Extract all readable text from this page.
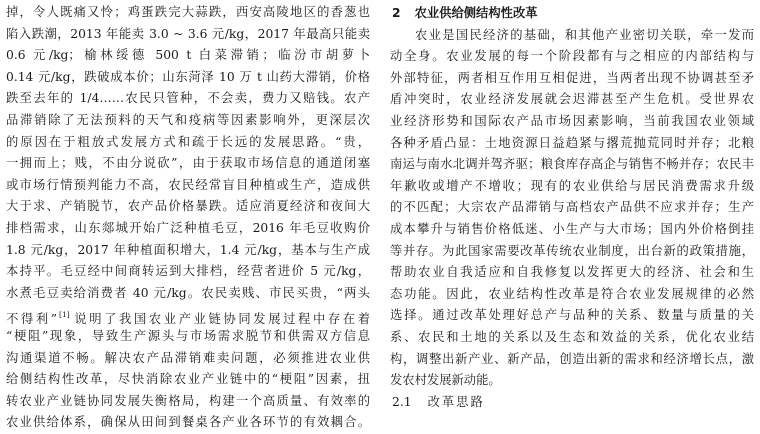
掉，令人既痛又怜；鸡蛋跌完大蒜跌，西安高陵地区的香葱也
陷入跌潮，2013 年能卖 3.0 ~ 3.6 元/kg，2017 年最高只能卖
0.6 元/kg；榆林绥德 500 t 白菜滞销；临汾市胡萝卜
0.14 元/kg，跌破成本价；山东菏泽 10 万 t 山药大滞销，价格
跌至去年的 1/4……农民只管种，不会卖，费力又赔钱。农产
品滞销除了无法预料的天气和疫病等因素影响外，更深层次
的原因在于粗放式发展方式和疏于长远的发展思路。“贵，
一拥而上；贱，不由分说砍”，由于获取市场信息的通道闭塞
或市场行情预判能力不高，农民经常盲目种植或生产，造成供
大于求、产销脱节，农产品价格暴跌。适应消夏经济和夜间大
排档需求，山东郯城开始广泛种植毛豆，2016 年毛豆收购价
1.8 元/kg，2017 年种植面积增大，1.4 元/kg，基本与生产成
本持平。毛豆经中间商转运到大排档，经营者进价 5 元/kg，
水煮毛豆卖给消费者 40 元/kg。农民卖贱、市民买贵，“两头
不得利” [1] 说明了我国农业产业链协同发展过程中存在着
“梗阻”现象，导致生产源头与市场需求脱节和供需双方信息
沟通渠道不畅。解决农产品滞销难卖问题，必须推进农业供
给侧结构性改革，尽快消除农业产业链中的“梗阻”因素，扭
转农业产业链协同发展失衡格局，构建一个高质量、有效率的
农业供给体系，确保从田间到餐桌各产业各环节的有效耦合。
2 农业供给侧结构性改革
农业是国民经济的基础，和其他产业密切关联，牵一发而
动全身。农业发展的每一个阶段都有与之相应的内部结构与
外部特征，两者相互作用互相促进，当两者出现不协调甚至矛
盾冲突时，农业经济发展就会迟滞甚至产生危机。受世界农
业经济形势和国际农产品市场因素影响，当前我国农业领域
各种矛盾凸显：土地资源日益趋紧与撂荒抛荒同时并存；北粮
南运与南水北调并驾齐驱；粮食库存高企与销售不畅并存；农民丰
年歉收或增产不增收；现有的农业供给与居民消费需求升级
的不匹配；大宗农产品滞销与高档农产品供不应求并存；生产
成本攀升与销售价格低迷、小生产与大市场；国内外价格倒挂
等并存。为此国家需要改革传统农业制度，出台新的政策措施，
帮助农业自我适应和自我修复以发挥更大的经济、社会和生
态功能。因此，农业结构性改革是符合农业发展规律的必然
选择。通过改革处理好总产与品种的关系、数量与质量的关
系、农民和土地的关系以及生态和效益的关系，优化农业结
构，调整出新产业、新产品，创造出新的需求和经济增长点，激
发农村发展新动能。
2.1 改革思路
